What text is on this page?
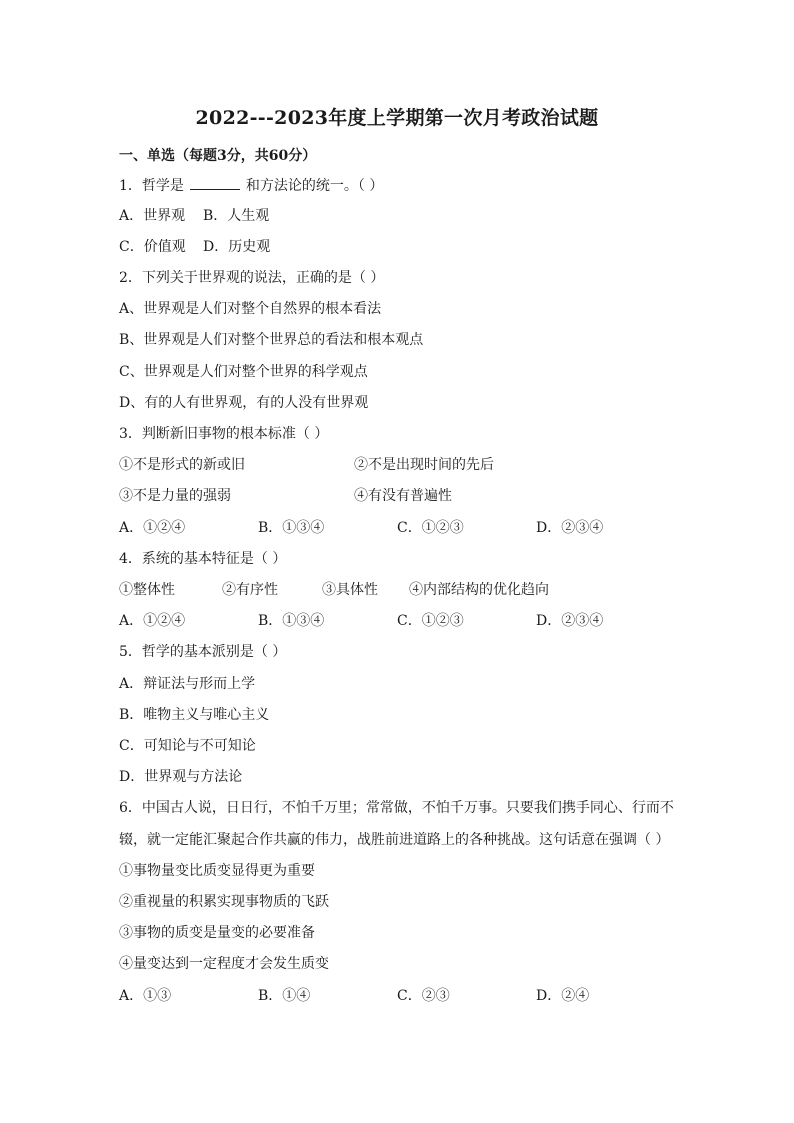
2022---2023年度上学期第一次月考政治试题
一、单选（每题3分，共60分）
1．哲学是	和方法论的统一。（ ）
A．世界观 B．人生观
C．价值观 D．历史观
2．下列关于世界观的说法，正确的是（ ）
A、世界观是人们对整个自然界的根本看法
B、世界观是人们对整个世界总的看法和根本观点
C、世界观是人们对整个世界的科学观点
D、有的人有世界观，有的人没有世界观
3．判断新旧事物的根本标准（ ）
①不是形式的新或旧	②不是出现时间的先后
③不是力量的强弱	④有没有普遍性
A．①②④	B．①③④	C．①②③	D．②③④
4．系统的基本特征是（ ）
①整体性	②有序性	③具体性 ④内部结构的优化趋向
A．①②④	B．①③④	C．①②③	D．②③④
5．哲学的基本派别是（ ）
A．辩证法与形而上学
B．唯物主义与唯心主义
C．可知论与不可知论
D．世界观与方法论
6．中国古人说，日日行，不怕千万里；常常做，不怕千万事。只要我们携手同心、行而不
辍，就一定能汇聚起合作共赢的伟力，战胜前进道路上的各种挑战。这句话意在强调（ ）
①事物量变比质变显得更为重要
②重视量的积累实现事物质的飞跃
③事物的质变是量变的必要准备
④量变达到一定程度才会发生质变
A．①③	B．①④	C．②③	D．②④
